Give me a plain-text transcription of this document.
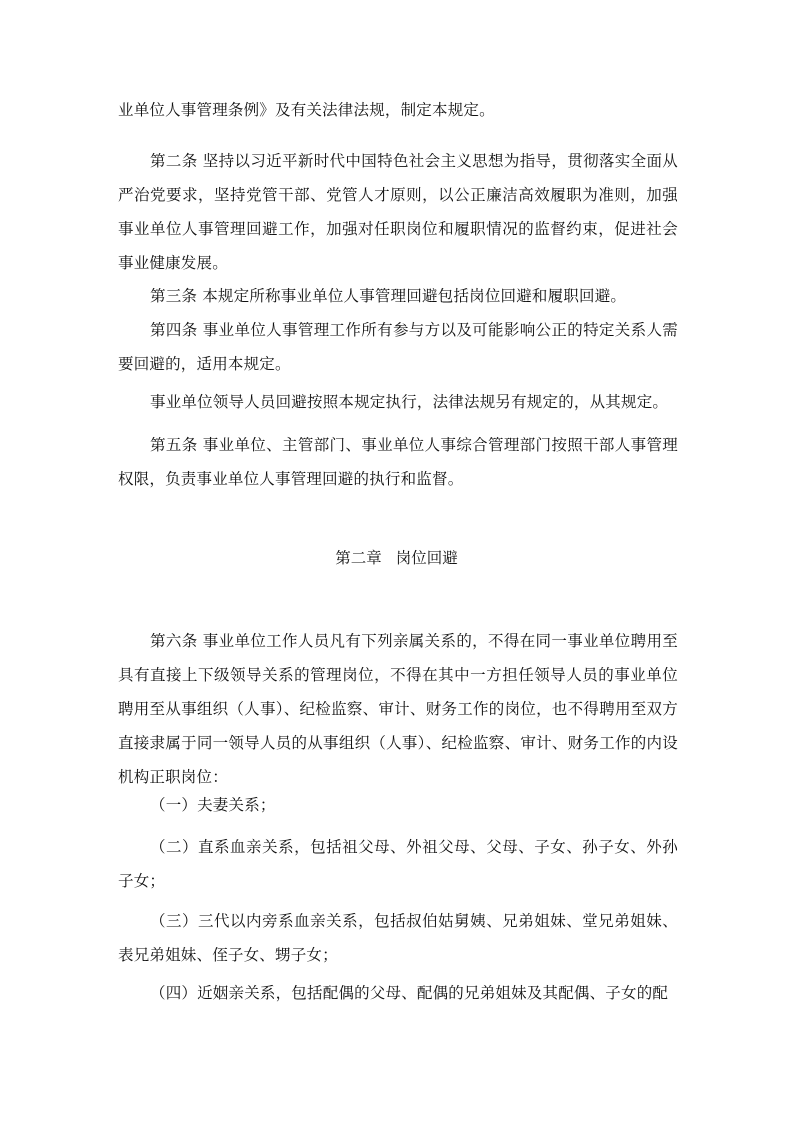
业单位人事管理条例》及有关法律法规，制定本规定。

第二条 坚持以习近平新时代中国特色社会主义思想为指导，贯彻落实全面从严治党要求，坚持党管干部、党管人才原则，以公正廉洁高效履职为准则，加强事业单位人事管理回避工作，加强对任职岗位和履职情况的监督约束，促进社会事业健康发展。

第三条 本规定所称事业单位人事管理回避包括岗位回避和履职回避。

第四条 事业单位人事管理工作所有参与方以及可能影响公正的特定关系人需要回避的，适用本规定。

事业单位领导人员回避按照本规定执行，法律法规另有规定的，从其规定。

第五条 事业单位、主管部门、事业单位人事综合管理部门按照干部人事管理权限，负责事业单位人事管理回避的执行和监督。

第二章 岗位回避

第六条 事业单位工作人员凡有下列亲属关系的，不得在同一事业单位聘用至具有直接上下级领导关系的管理岗位，不得在其中一方担任领导人员的事业单位聘用至从事组织（人事）、纪检监察、审计、财务工作的岗位，也不得聘用至双方直接隶属于同一领导人员的从事组织（人事）、纪检监察、审计、财务工作的内设机构正职岗位：

（一）夫妻关系；

（二）直系血亲关系，包括祖父母、外祖父母、父母、子女、孙子女、外孙子女；

（三）三代以内旁系血亲关系，包括叔伯姑舅姨、兄弟姐妹、堂兄弟姐妹、表兄弟姐妹、侄子女、甥子女；

（四）近姻亲关系，包括配偶的父母、配偶的兄弟姐妹及其配偶、子女的配
